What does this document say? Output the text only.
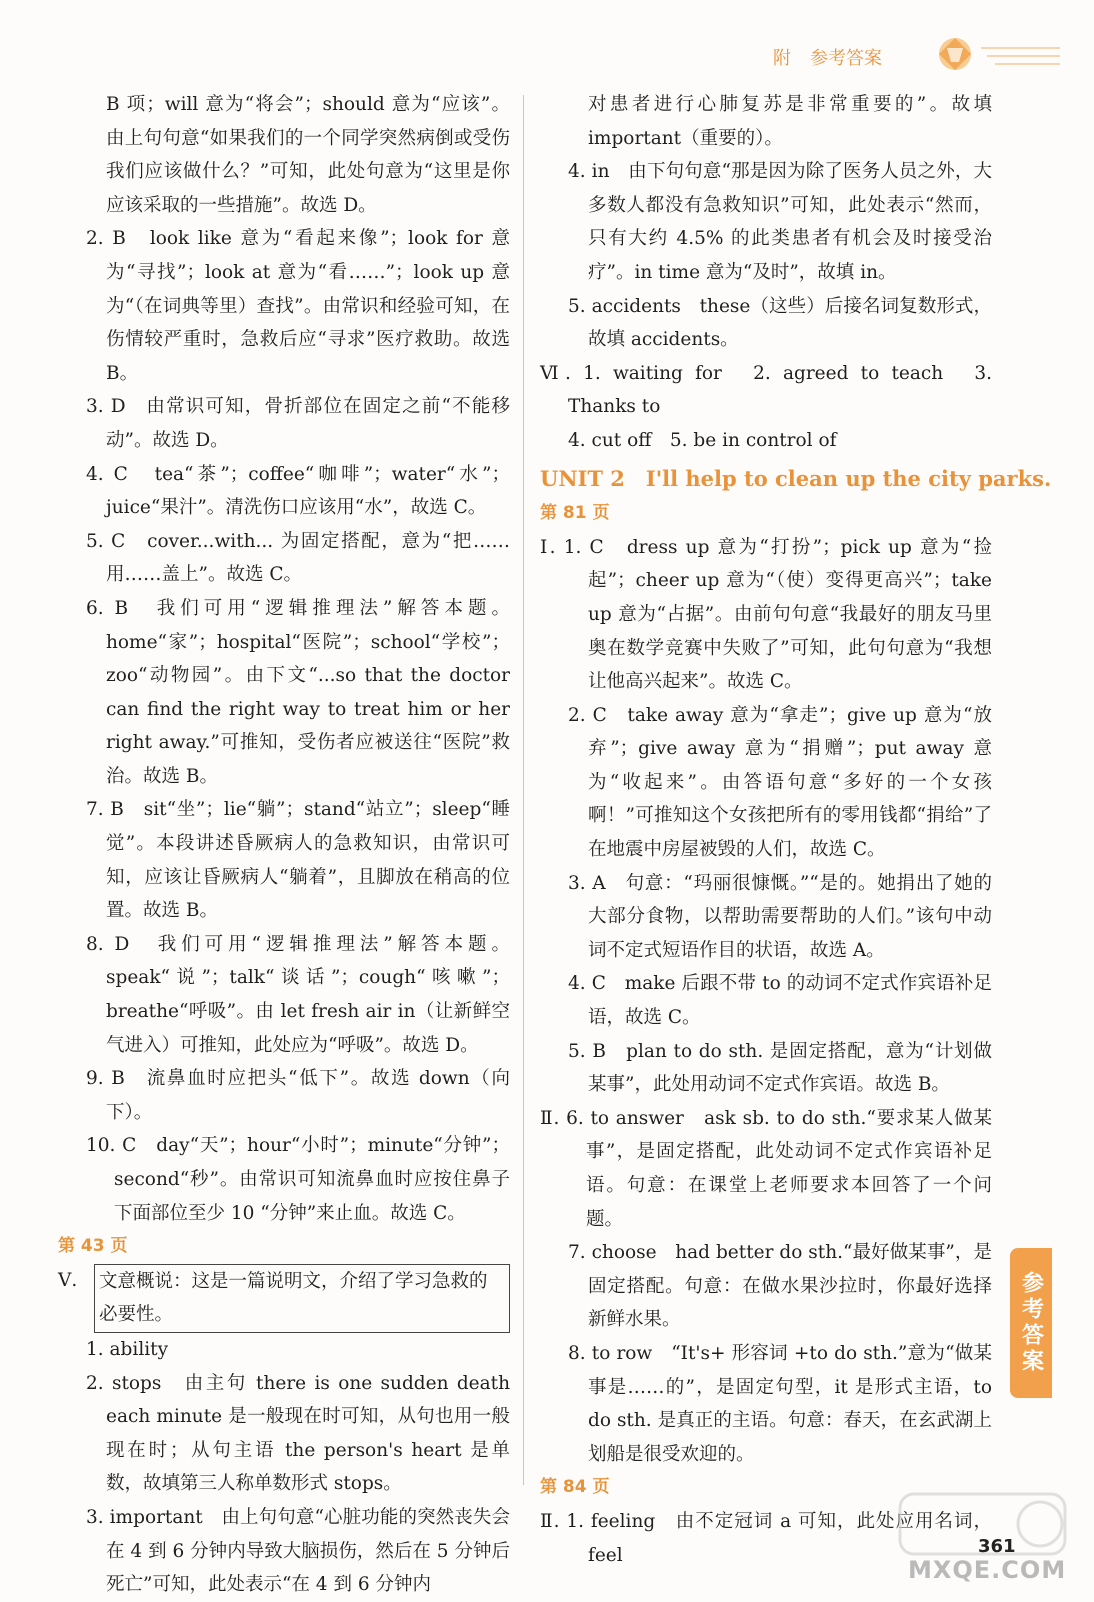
附 参考答案
B 项；will 意为“将会”；should 意为“应该”。由上句句意“如果我们的一个同学突然病倒或受伤我们应该做什么？”可知，此处句意为“这里是你应该采取的一些措施”。故选 D。
2. B　look like 意为“看起来像”；look for 意为“寻找”；look at 意为“看……”；look up 意为“（在词典等里）查找”。由常识和经验可知，在伤情较严重时，急救后应“寻求”医疗救助。故选 B。
3. D　由常识可知，骨折部位在固定之前“不能移动”。故选 D。
4. C　tea“茶”；coffee“咖啡”；water“水”；juice“果汁”。清洗伤口应该用“水”，故选 C。
5. C　cover...with... 为固定搭配，意为“把……用……盖上”。故选 C。
6. B　我们可用“逻辑推理法”解答本题。home“家”；hospital“医院”；school“学校”；zoo“动物园”。由下文“...so that the doctor can find the right way to treat him or her right away.”可推知，受伤者应被送往“医院”救治。故选 B。
7. B　sit“坐”；lie“躺”；stand“站立”；sleep“睡觉”。本段讲述昏厥病人的急救知识，由常识可知，应该让昏厥病人“躺着”，且脚放在稍高的位置。故选 B。
8. D　我们可用“逻辑推理法”解答本题。speak“说”；talk“谈话”；cough“咳嗽”；breathe“呼吸”。由 let fresh air in（让新鲜空气进入）可推知，此处应为“呼吸”。故选 D。
9. B　流鼻血时应把头“低下”。故选 down（向下）。
10. C　day“天”；hour“小时”；minute“分钟”；second“秒”。由常识可知流鼻血时应按住鼻子下面部位至少 10 “分钟”来止血。故选 C。
第 43 页
Ⅴ.	文意概说：这是一篇说明文，介绍了学习急救的必要性。
1. ability
2. stops　由主句 there is one sudden death each minute 是一般现在时可知，从句也用一般现在时；从句主语 the person's heart 是单数，故填第三人称单数形式 stops。
3. important　由上句句意“心脏功能的突然丧失会在 4 到 6 分钟内导致大脑损伤，然后在 5 分钟后死亡”可知，此处表示“在 4 到 6 分钟内
对患者进行心肺复苏是非常重要的”。故填 important（重要的）。
4. in　由下句句意“那是因为除了医务人员之外，大多数人都没有急救知识”可知，此处表示“然而，只有大约 4.5% 的此类患者有机会及时接受治疗”。in time 意为“及时”，故填 in。
5. accidents　these（这些）后接名词复数形式，故填 accidents。
Ⅵ. 1. waiting for　2. agreed to teach　3. Thanks to
4. cut off　5. be in control of
UNIT 2　I'll help to clean up the city parks.
第 81 页
Ⅰ. 1. C　dress up 意为“打扮”；pick up 意为“捡起”；cheer up 意为“（使）变得更高兴”；take up 意为“占据”。由前句句意“我最好的朋友马里奥在数学竞赛中失败了”可知，此句句意为“我想让他高兴起来”。故选 C。
2. C　take away 意为“拿走”；give up 意为“放弃”；give away 意为“捐赠”；put away 意为“收起来”。由答语句意“多好的一个女孩啊！”可推知这个女孩把所有的零用钱都“捐给”了在地震中房屋被毁的人们，故选 C。
3. A　句意：“玛丽很慷慨。”“是的。她捐出了她的大部分食物，以帮助需要帮助的人们。”该句中动词不定式短语作目的状语，故选 A。
4. C　make 后跟不带 to 的动词不定式作宾语补足语，故选 C。
5. B　plan to do sth. 是固定搭配，意为“计划做某事”，此处用动词不定式作宾语。故选 B。
Ⅱ. 6. to answer　ask sb. to do sth.“要求某人做某事”，是固定搭配，此处动词不定式作宾语补足语。句意：在课堂上老师要求本回答了一个问题。
7. choose　had better do sth.“最好做某事”，是固定搭配。句意：在做水果沙拉时，你最好选择新鲜水果。
8. to row　“It's+ 形容词 +to do sth.”意为“做某事是……的”，是固定句型，it 是形式主语，to do sth. 是真正的主语。句意：春天，在玄武湖上划船是很受欢迎的。
第 84 页
Ⅱ. 1. feeling　由不定冠词 a 可知，此处应用名词，feel
参考答案
MXQE.COM
361
